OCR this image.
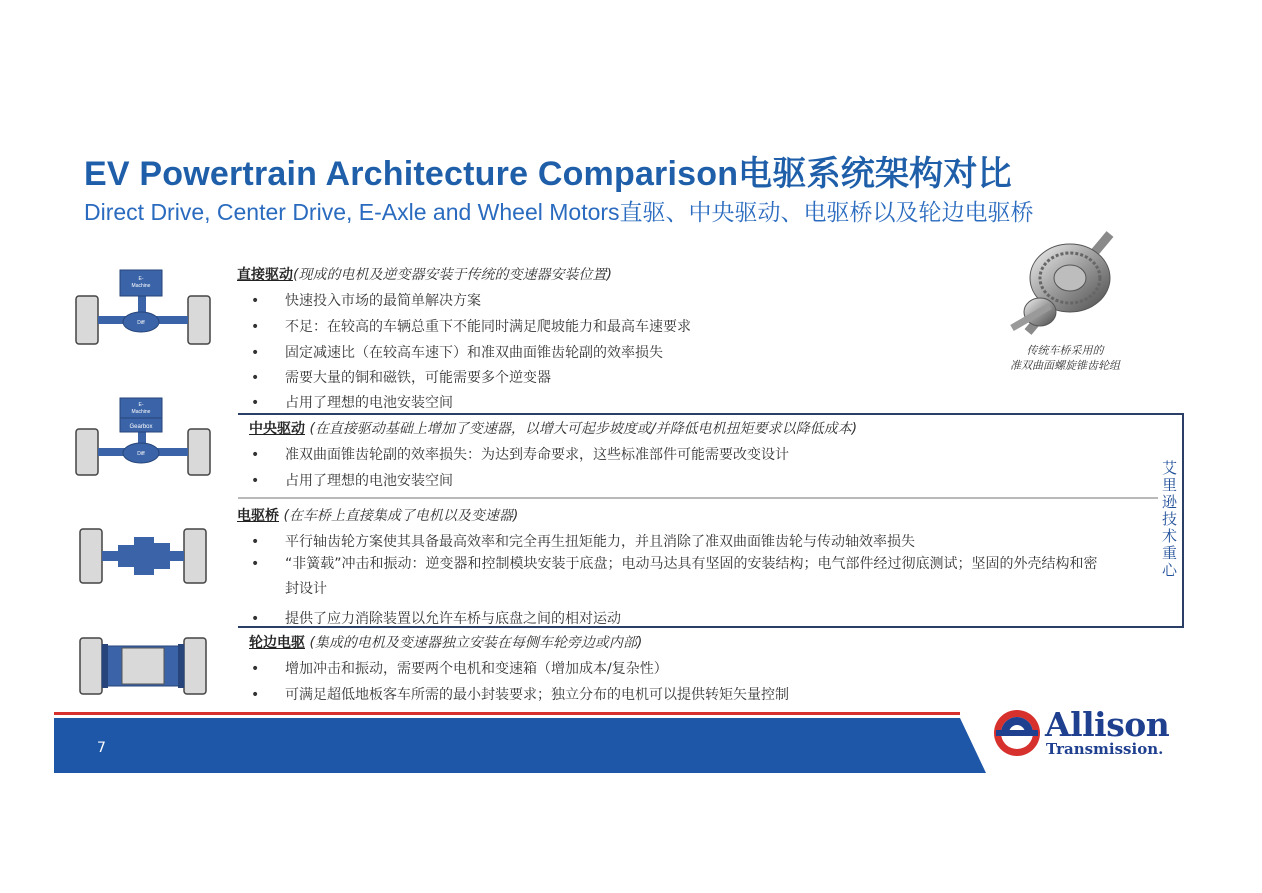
EV Powertrain Architecture Comparison电驱系统架构对比
Direct Drive, Center Drive, E-Axle and Wheel Motors直驱、中央驱动、电驱桥以及轮边电驱桥
E-
Machine
Diff
E-
Machine
Gearbox
Diff
直接驱动(现成的电机及逆变器安装于传统的变速器安装位置)
• 快速投入市场的最简单解决方案
• 不足：在较高的车辆总重下不能同时满足爬坡能力和最高车速要求
• 固定减速比（在较高车速下）和准双曲面锥齿轮副的效率损失
• 需要大量的铜和磁铁，可能需要多个逆变器
• 占用了理想的电池安装空间
艾里逊技术重心
中央驱动 (在直接驱动基础上增加了变速器，以增大可起步坡度或/并降低电机扭矩要求以降低成本)
• 准双曲面锥齿轮副的效率损失：为达到寿命要求，这些标准部件可能需要改变设计
• 占用了理想的电池安装空间
电驱桥 (在车桥上直接集成了电机以及变速器)
• 平行轴齿轮方案使其具备最高效率和完全再生扭矩能力，并且消除了准双曲面锥齿轮与传动轴效率损失
• “非簧载”冲击和振动：逆变器和控制模块安装于底盘；电动马达具有坚固的安装结构；电气部件经过彻底测试；坚固的外壳结构和密封设计
• 提供了应力消除装置以允许车桥与底盘之间的相对运动
轮边电驱 (集成的电机及变速器独立安装在每侧车轮旁边或内部)
• 增加冲击和振动，需要两个电机和变速箱（增加成本/复杂性）
• 可满足超低地板客车所需的最小封装要求；独立分布的电机可以提供转矩矢量控制
传统车桥采用的
准双曲面螺旋锥齿轮组
7
Allison
Transmission.
